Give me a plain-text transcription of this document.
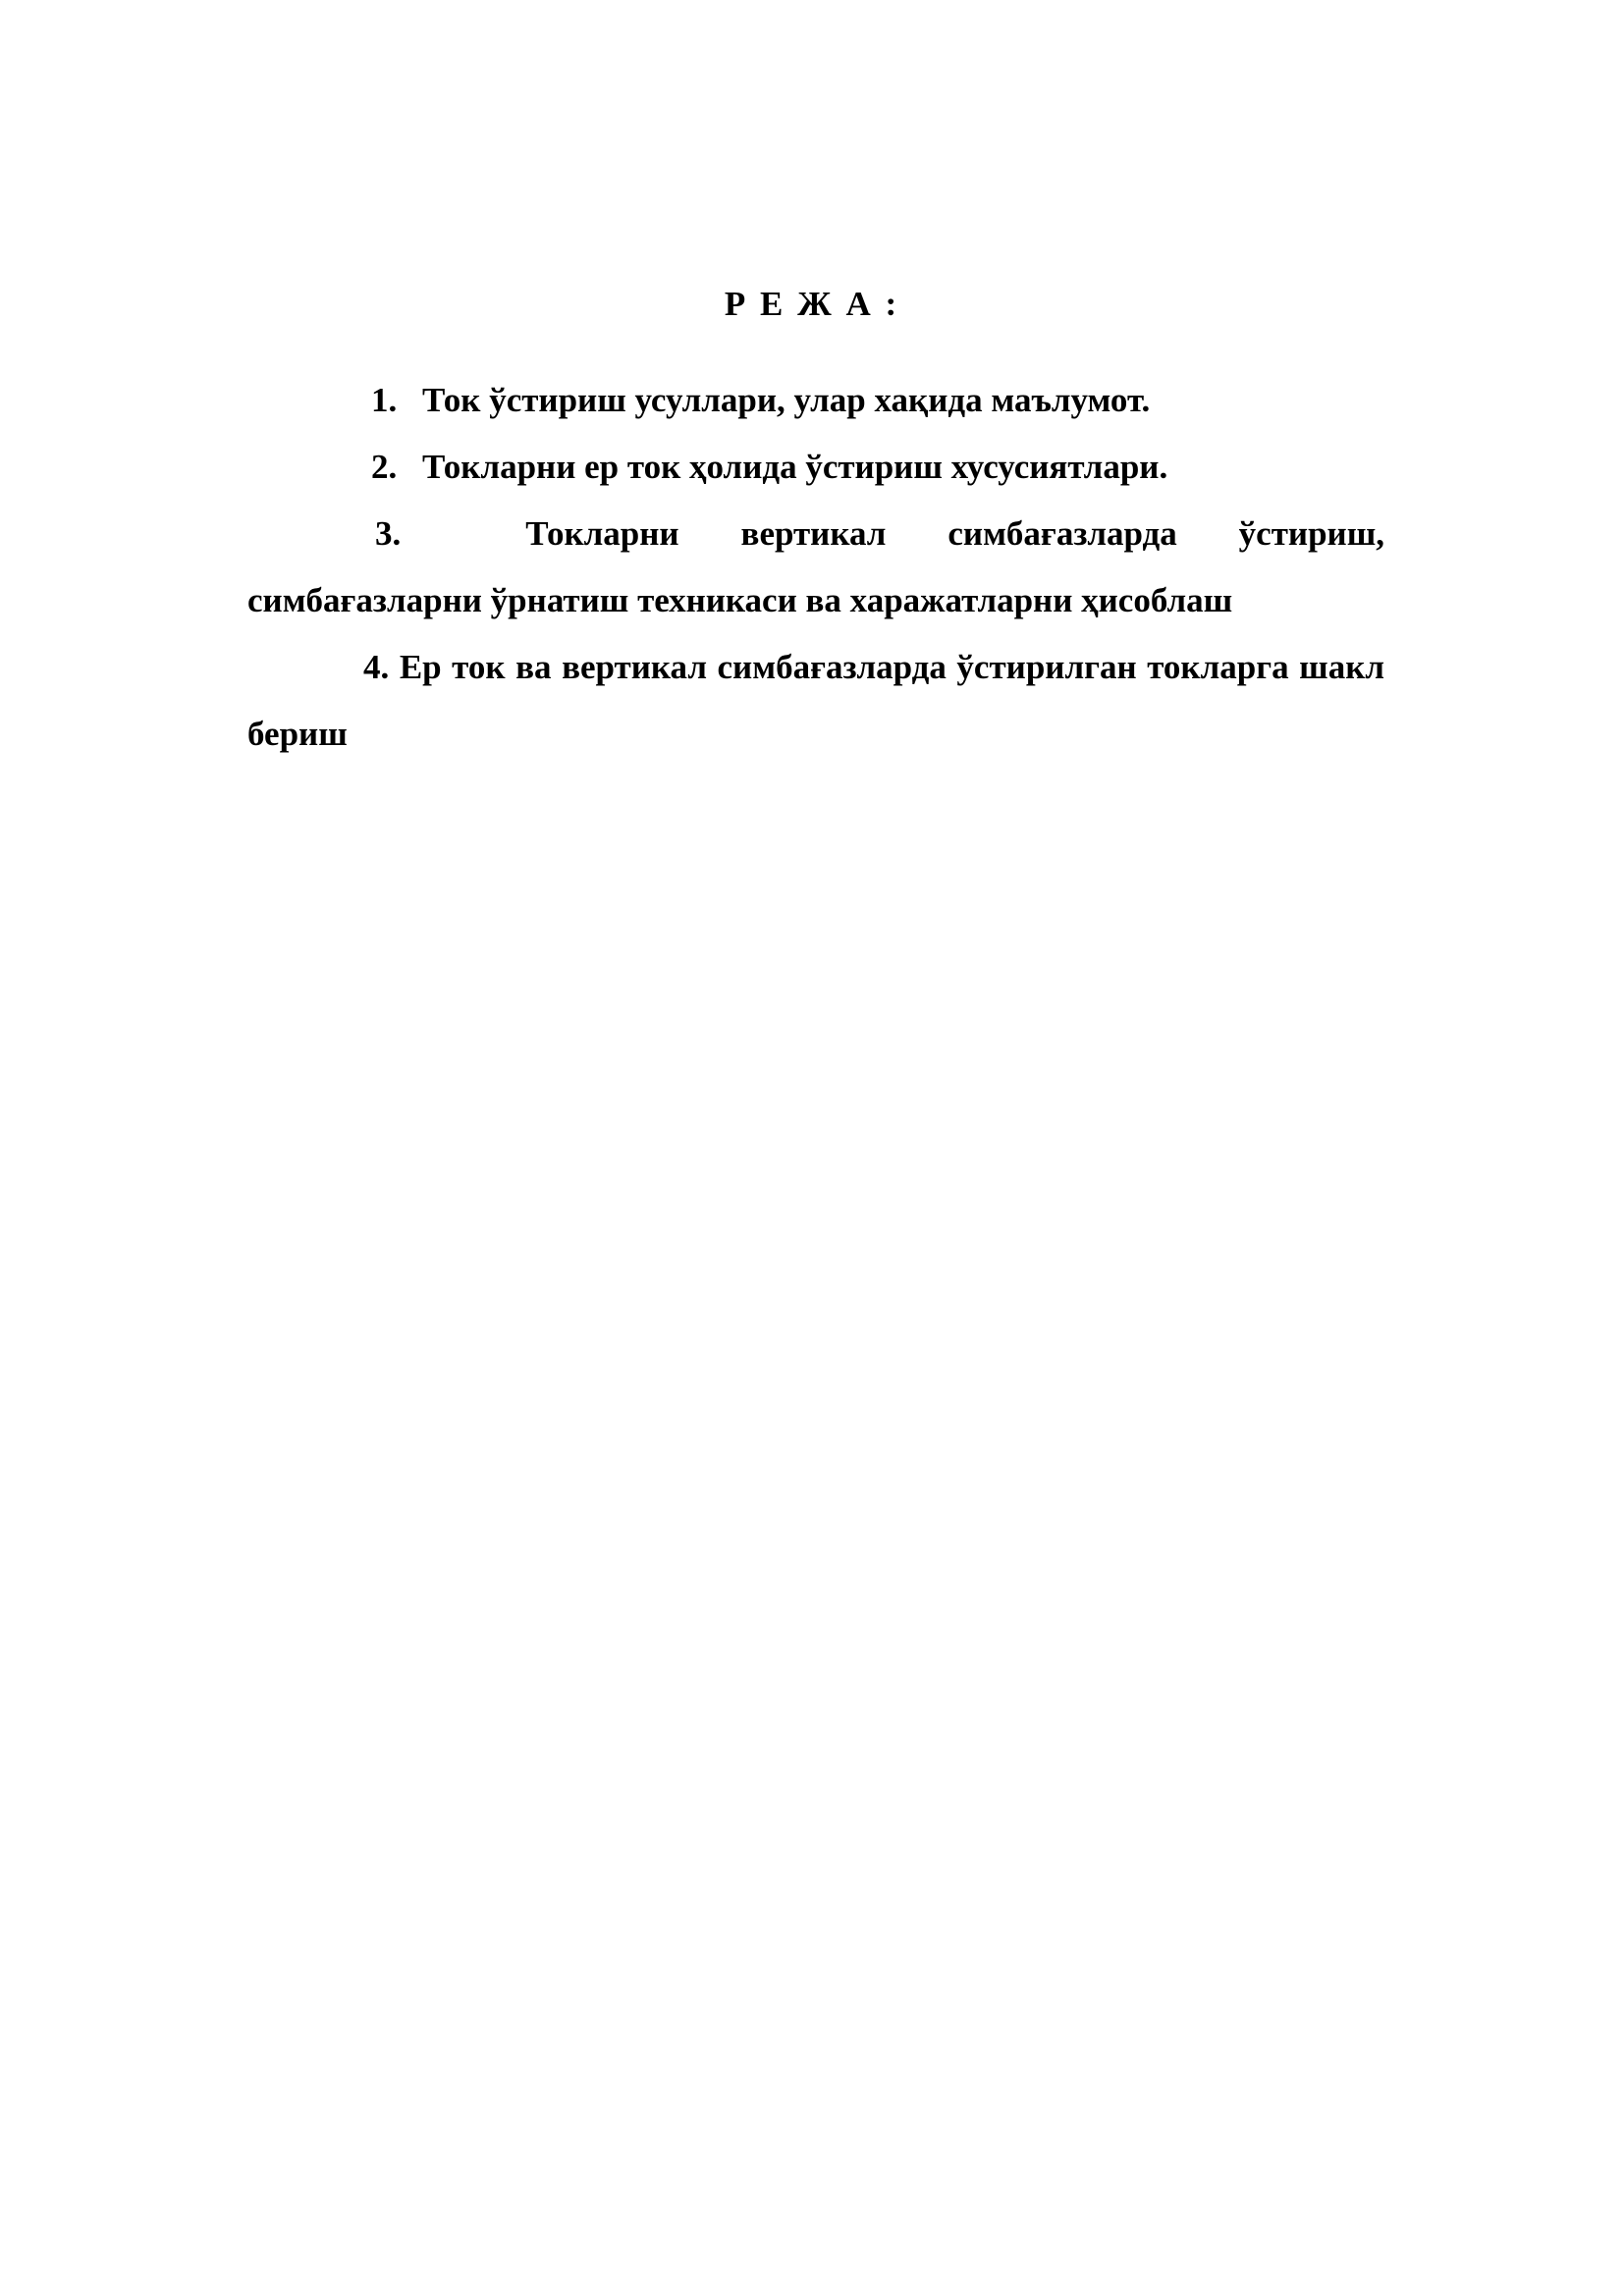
Р Е Ж А :

1. Ток ўстириш усуллари, улар хақида маълумот.

2. Токларни ер ток ҳолида ўстириш хусусиятлари.

3. Токларни вертикал симбағазларда ўстириш,
симбағазларни ўрнатиш техникаси ва харажатларни ҳисоблаш

4. Ер ток ва вертикал симбағазларда ўстирилган токларга шакл бериш
